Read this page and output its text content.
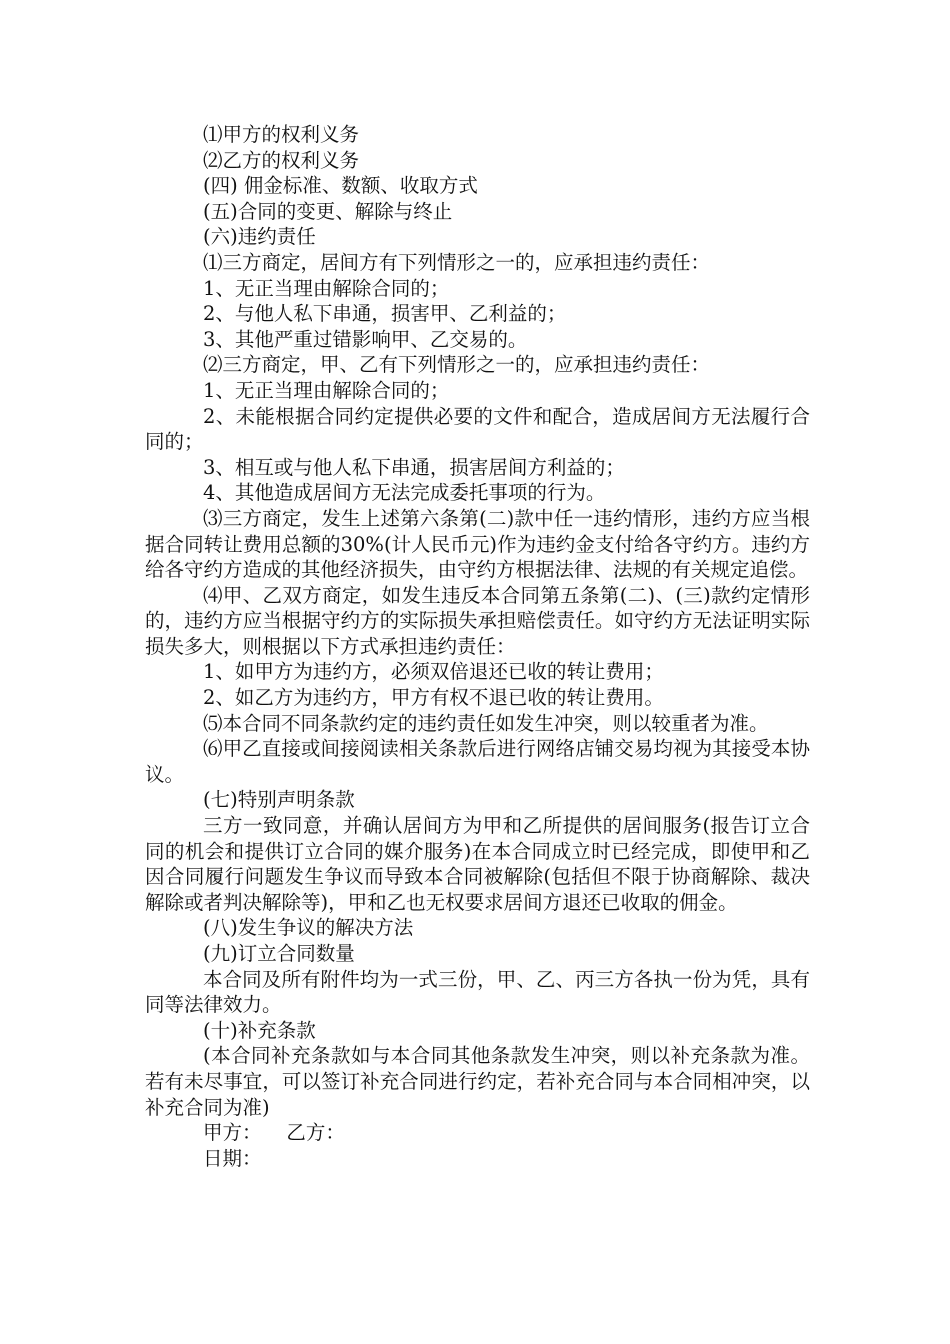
⑴甲方的权利义务

⑵乙方的权利义务

(四) 佣金标准、数额、收取方式

(五)合同的变更、解除与终止

(六)违约责任

⑴三方商定，居间方有下列情形之一的，应承担违约责任：

1、无正当理由解除合同的；

2、与他人私下串通，损害甲、乙利益的；

3、其他严重过错影响甲、乙交易的。

⑵三方商定，甲、乙有下列情形之一的，应承担违约责任：

1、无正当理由解除合同的；

2、未能根据合同约定提供必要的文件和配合，造成居间方无法履行合同的；

3、相互或与他人私下串通，损害居间方利益的；

4、其他造成居间方无法完成委托事项的行为。

⑶三方商定，发生上述第六条第(二)款中任一违约情形，违约方应当根据合同转让费用总额的30%(计人民币元)作为违约金支付给各守约方。违约方给各守约方造成的其他经济损失，由守约方根据法律、法规的有关规定追偿。

⑷甲、乙双方商定，如发生违反本合同第五条第(二)、(三)款约定情形的，违约方应当根据守约方的实际损失承担赔偿责任。如守约方无法证明实际损失多大，则根据以下方式承担违约责任：

1、如甲方为违约方，必须双倍退还已收的转让费用；

2、如乙方为违约方，甲方有权不退已收的转让费用。

⑸本合同不同条款约定的违约责任如发生冲突，则以较重者为准。

⑹甲乙直接或间接阅读相关条款后进行网络店铺交易均视为其接受本协议。

(七)特别声明条款

三方一致同意，并确认居间方为甲和乙所提供的居间服务(报告订立合同的机会和提供订立合同的媒介服务)在本合同成立时已经完成，即使甲和乙因合同履行问题发生争议而导致本合同被解除(包括但不限于协商解除、裁决解除或者判决解除等)，甲和乙也无权要求居间方退还已收取的佣金。

(八)发生争议的解决方法

(九)订立合同数量

本合同及所有附件均为一式三份，甲、乙、丙三方各执一份为凭，具有同等法律效力。

(十)补充条款

(本合同补充条款如与本合同其他条款发生冲突，则以补充条款为准。若有未尽事宜，可以签订补充合同进行约定，若补充合同与本合同相冲突，以补充合同为准)

甲方： 乙方：

日期：
